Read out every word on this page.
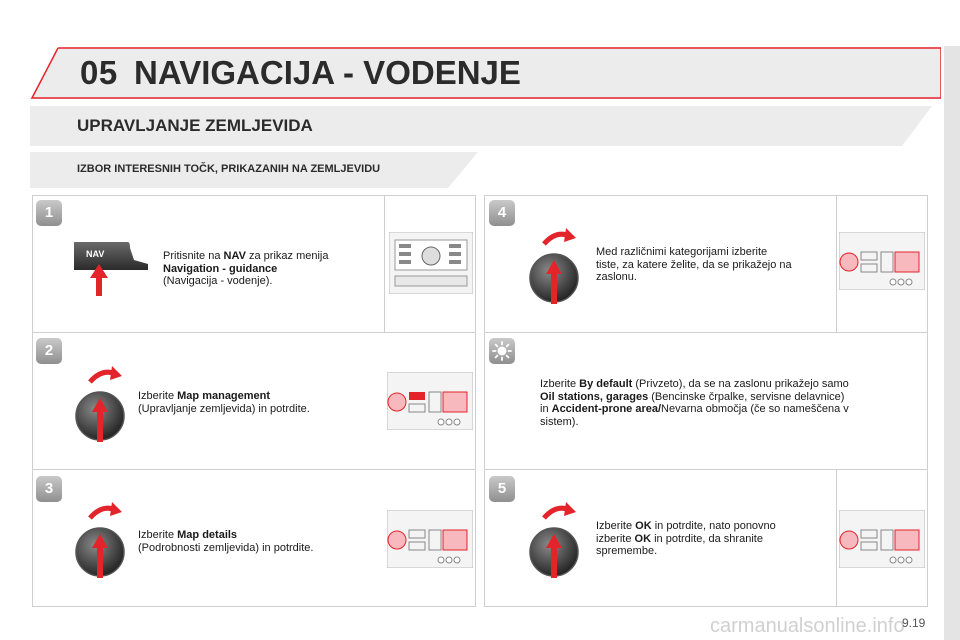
05 NAVIGACIJA - VODENJE
UPRAVLJANJE ZEMLJEVIDA
IZBOR INTERESNIH TOČK, PRIKAZANIH NA ZEMLJEVIDU
1
2
3
4
5
NAV	Pritisnite na NAV za prikaz menija
Navigation - guidance
(Navigacija - vodenje).
Izberite Map management
(Upravljanje zemljevida) in potrdite.
Izberite Map details
(Podrobnosti zemljevida) in potrdite.
Med različnimi kategorijami izberite
tiste, za katere želite, da se prikažejo na
zaslonu.
Izberite By default (Privzeto), da se na zaslonu prikažejo samo
Oil stations, garages (Bencinske črpalke, servisne delavnice)
in Accident-prone area/Nevarna območja (če so nameščena v
sistem).
Izberite OK in potrdite, nato ponovno
izberite OK in potrdite, da shranite
spremembe.
carmanualsonline.info
9.19
